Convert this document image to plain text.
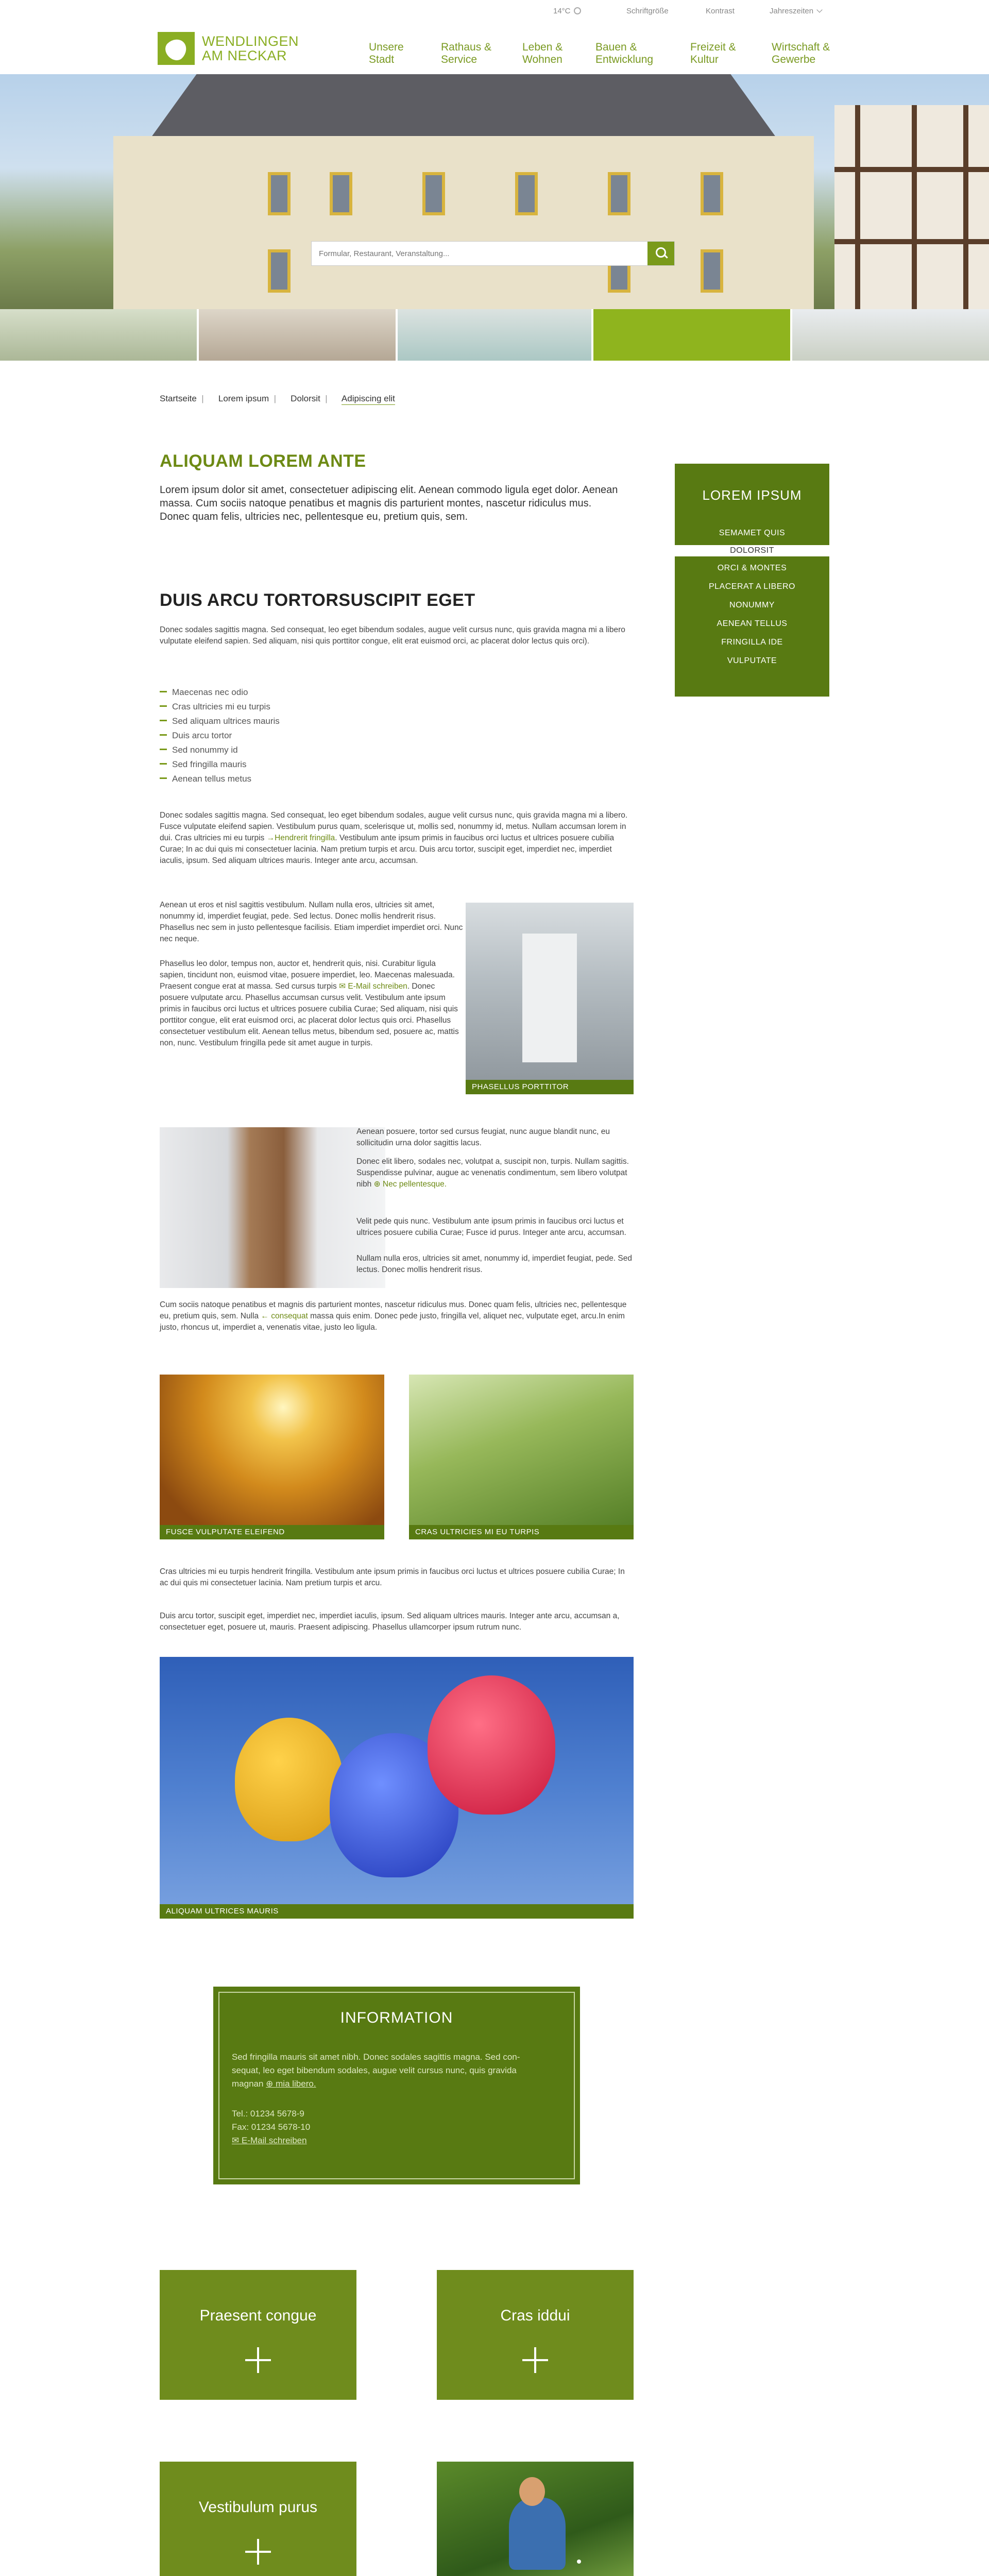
14°C	Schriftgröße	Kontrast	Jahreszeiten
WENDLINGEN
AM NECKAR
Unsere
Stadt
Rathaus &
Service
Leben &
Wohnen
Bauen &
Entwicklung
Freizeit &
Kultur
Wirtschaft &
Gewerbe
Formular, Restaurant, Veranstaltung...
Startseite  |   Lorem ipsum  |   Dolorsit  |   Adipiscing elit
ALIQUAM LOREM ANTE
Lorem ipsum dolor sit amet, consectetuer adipiscing elit. Aenean commodo ligula eget dolor. Aenean massa. Cum sociis natoque penatibus et magnis dis parturient montes, nascetur ridiculus mus. Donec quam felis, ultricies nec, pellentesque eu, pretium quis, sem.
DUIS ARCU TORTORSUSCIPIT EGET
Donec sodales sagittis magna. Sed consequat, leo eget bibendum sodales, augue velit cursus nunc, quis gravida magna mi a libero vulputate eleifend sapien. Sed aliquam, nisi quis porttitor congue, elit erat euismod orci, ac placerat dolor lectus quis orci).
Maecenas nec odio
Cras ultricies mi eu turpis
Sed aliquam ultrices mauris
Duis arcu tortor
Sed nonummy id
Sed fringilla mauris
Aenean tellus metus
Donec sodales sagittis magna. Sed consequat, leo eget bibendum sodales, augue velit cursus nunc, quis gravida magna mi a libero. Fusce vulputate eleifend sapien. Vestibulum purus quam, scelerisque ut, mollis sed, nonummy id, metus. Nullam accumsan lorem in dui. Cras ultricies mi eu turpis →Hendrerit fringilla. Vestibulum ante ipsum primis in faucibus orci luctus et ultrices posuere cubilia Curae; In ac dui quis mi consectetuer lacinia. Nam pretium turpis et arcu. Duis arcu tortor, suscipit eget, imperdiet nec, imperdiet iaculis, ipsum. Sed aliquam ultrices mauris. Integer ante arcu, accumsan.
Aenean ut eros et nisl sagittis vestibulum. Nullam nulla eros, ultricies sit amet, nonummy id, imperdiet feugiat, pede. Sed lectus. Donec mollis hendrerit risus. Phasellus nec sem in justo pellentesque facilisis. Etiam imperdiet imperdiet orci. Nunc nec neque.
Phasellus leo dolor, tempus non, auctor et, hendrerit quis, nisi. Curabitur ligula sapien, tincidunt non, euismod vitae, posuere imperdiet, leo. Maecenas malesuada. Praesent congue erat at massa. Sed cursus turpis ✉ E-Mail schreiben. Donec posuere vulputate arcu. Phasellus accumsan cursus velit. Vestibulum ante ipsum primis in faucibus orci luctus et ultrices posuere cubilia Curae; Sed aliquam, nisi quis porttitor congue, elit erat euismod orci, ac placerat dolor lectus quis orci. Phasellus consectetuer vestibulum elit. Aenean tellus metus, bibendum sed, posuere ac, mattis non, nunc. Vestibulum fringilla pede sit amet augue in turpis.
PHASELLUS PORTTITOR
Aenean posuere, tortor sed cursus feugiat, nunc augue blandit nunc, eu sollicitudin urna dolor sagittis lacus.
Donec elit libero, sodales nec, volutpat a, suscipit non, turpis. Nullam sagittis. Suspendisse pulvinar, augue ac venenatis condimentum, sem libero volutpat nibh ⊕ Nec pellentesque.
Velit pede quis nunc. Vestibulum ante ipsum primis in faucibus orci luctus et ultrices posuere cubilia Curae; Fusce id purus. Integer ante arcu, accumsan.
Nullam nulla eros, ultricies sit amet, nonummy id, imperdiet feugiat, pede. Sed lectus. Donec mollis hendrerit risus.
Cum sociis natoque penatibus et magnis dis parturient montes, nascetur ridiculus mus. Donec quam felis, ultricies nec, pellentesque eu, pretium quis, sem. Nulla ← consequat massa quis enim. Donec pede justo, fringilla vel, aliquet nec, vulputate eget, arcu.In enim justo, rhoncus ut, imperdiet a, venenatis vitae, justo leo ligula.
FUSCE VULPUTATE ELEIFEND	CRAS ULTRICIES MI EU TURPIS
Cras ultricies mi eu turpis hendrerit fringilla. Vestibulum ante ipsum primis in faucibus orci luctus et ultrices posuere cubilia Curae; In ac dui quis mi consectetuer lacinia. Nam pretium turpis et arcu.
Duis arcu tortor, suscipit eget, imperdiet nec, imperdiet iaculis, ipsum. Sed aliquam ultrices mauris. Integer ante arcu, accumsan a, consectetuer eget, posuere ut, mauris. Praesent adipiscing. Phasellus ullamcorper ipsum rutrum nunc.
ALIQUAM ULTRICES MAURIS
LOREM IPSUM
SEMAMET QUIS
DOLORSIT
ORCI & MONTES
PLACERAT A LIBERO
NONUMMY
AENEAN TELLUS
FRINGILLA IDE
VULPUTATE
INFORMATION
Sed fringilla mauris sit amet nibh. Donec sodales sagittis magna. Sed con-
sequat, leo eget bibendum sodales, augue velit cursus nunc, quis gravida
magnan ⊕ mia libero.
Tel.: 01234 5678-9
Fax: 01234 5678-10
✉ E-Mail schreiben
Praesent congue	Cras iddui
Vestibulum purus
